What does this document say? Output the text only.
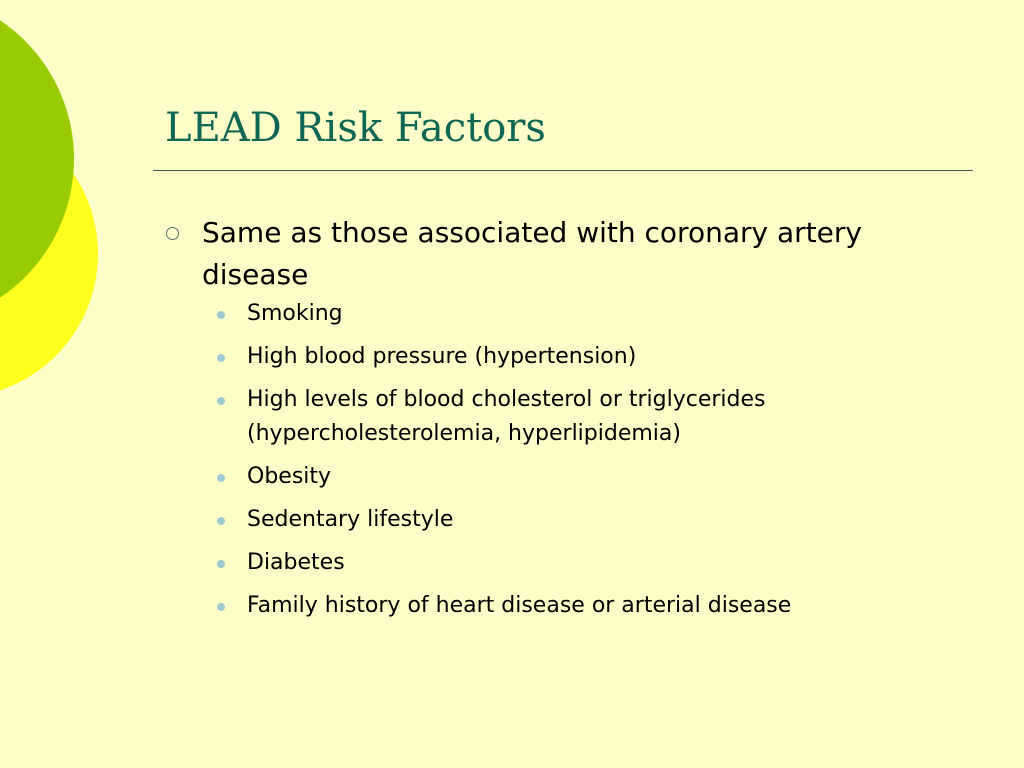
LEAD Risk Factors
Same as those associated with coronary artery disease
Smoking
High blood pressure (hypertension)
High levels of blood cholesterol or triglycerides (hypercholesterolemia, hyperlipidemia)
Obesity
Sedentary lifestyle
Diabetes
Family history of heart disease or arterial disease
